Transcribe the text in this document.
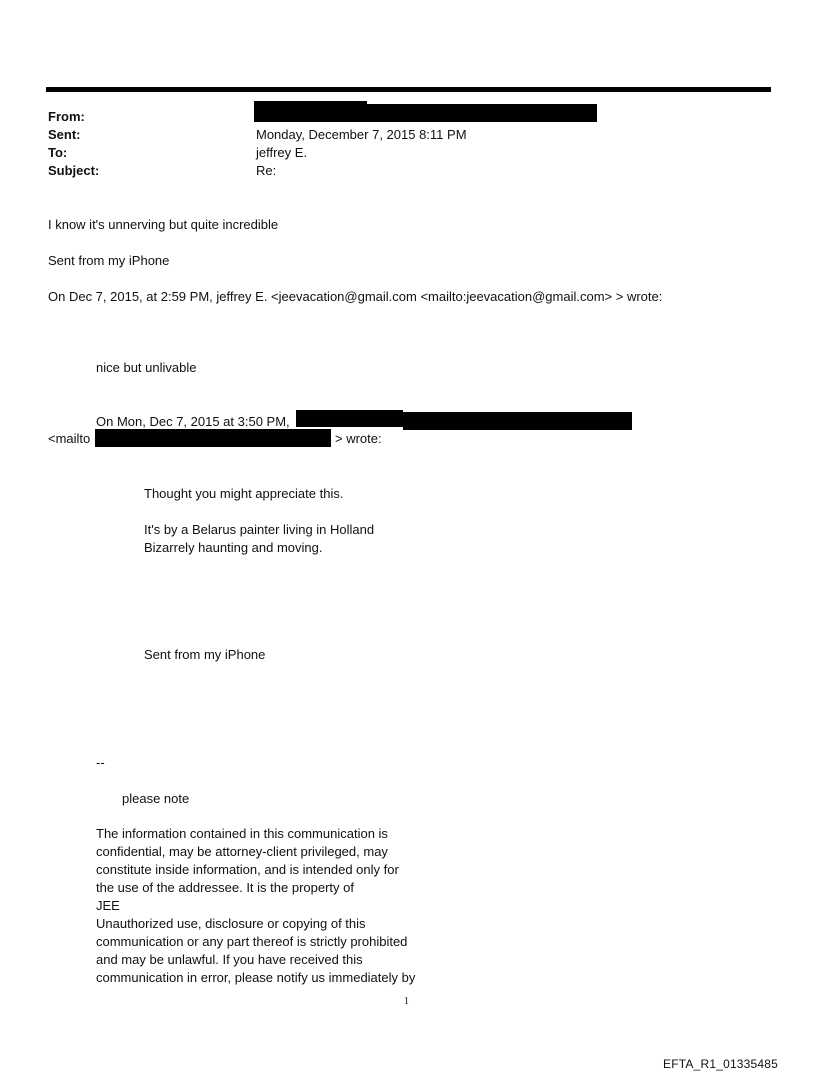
From:
Sent:	Monday, December 7, 2015 8:11 PM
To:	jeffrey E.
Subject:	Re:
I know it's unnerving but quite incredible
Sent from my iPhone
On Dec 7, 2015, at 2:59 PM, jeffrey E. <jeevacation@gmail.com <mailto:jeevacation@gmail.com> > wrote:
nice but unlivable
On Mon, Dec 7, 2015 at 3:50 PM,
<mailto	> wrote:
Thought you might appreciate this.
It's by a Belarus painter living in Holland
Bizarrely haunting and moving.
Sent from my iPhone
--
please note
The information contained in this communication is
confidential, may be attorney-client privileged, may
constitute inside information, and is intended only for
the use of the addressee. It is the property of
JEE
Unauthorized use, disclosure or copying of this
communication or any part thereof is strictly prohibited
and may be unlawful. If you have received this
communication in error, please notify us immediately by
1
EFTA_R1_01335485
